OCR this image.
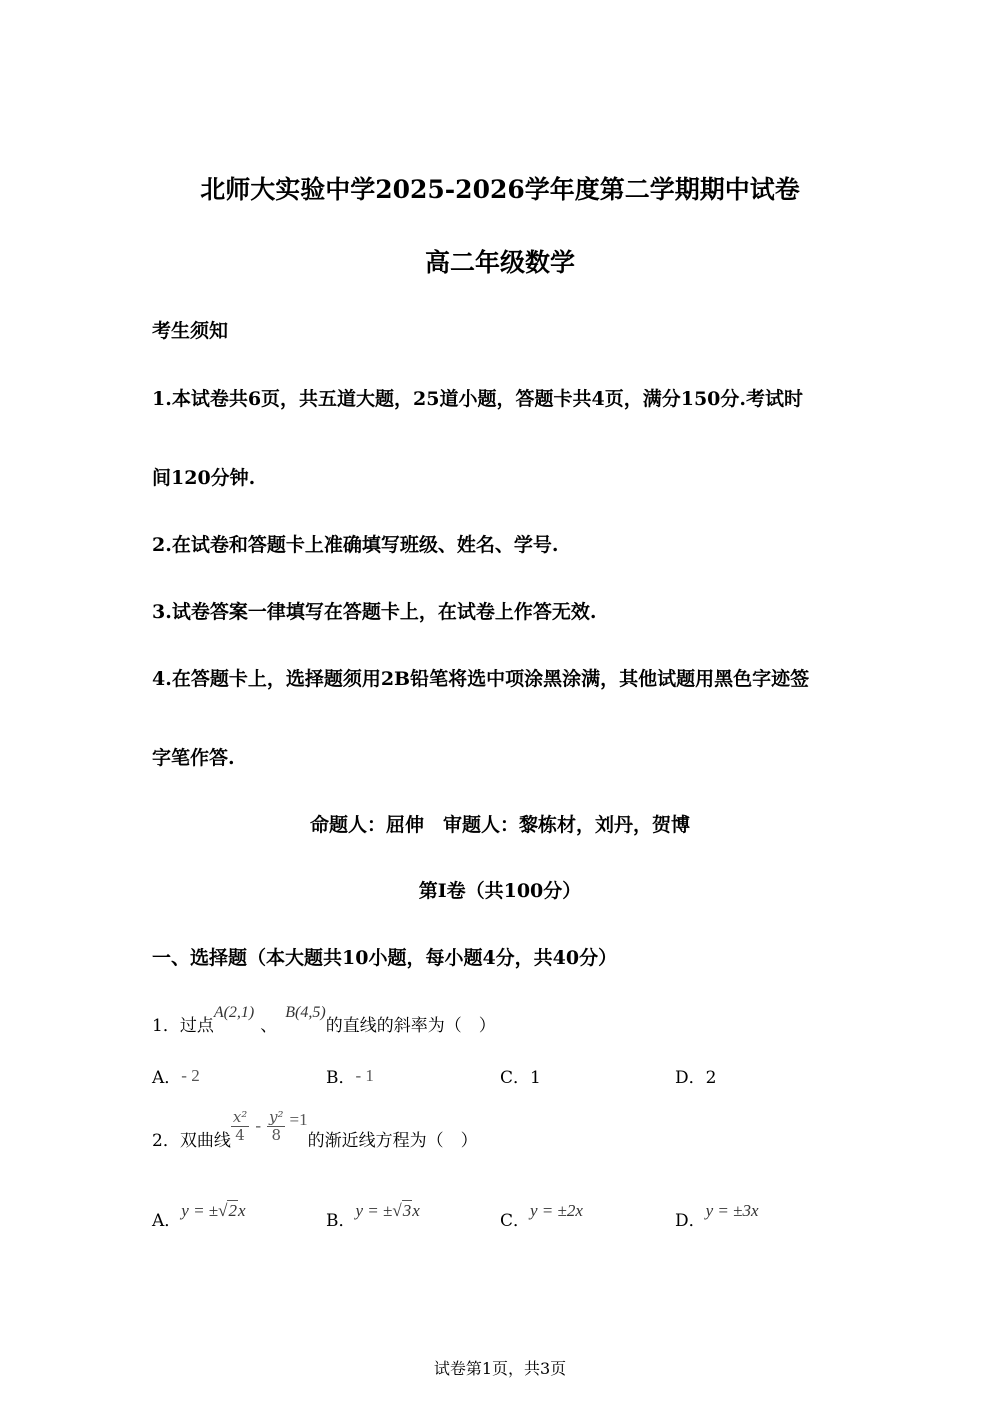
北师大实验中学2025-2026学年度第二学期期中试卷
高二年级数学
考生须知
1.本试卷共6页，共五道大题，25道小题，答题卡共4页，满分150分.考试时
间120分钟.
2.在试卷和答题卡上准确填写班级、姓名、学号.
3.试卷答案一律填写在答题卡上，在试卷上作答无效.
4.在答题卡上，选择题须用2B铅笔将选中项涂黑涂满，其他试题用黑色字迹签
字笔作答.
命题人：屈伸　审题人：黎栋材，刘丹，贺博
第I卷（共100分）
一、选择题（本大题共10小题，每小题4分，共40分）
1．过点A(2,1)、B(4,5)的直线的斜率为（　）
A．- 2	B．- 1	C．1	D．2
2．双曲线 $\frac{\text{x²}}{4} - \frac{\text{y²}}{8} =1$
的渐近线方程为（　）
A．y = ±√2x
B．y = ±√3x
C．y = ±2x
D．y = ±3x
试卷第1页，共3页
